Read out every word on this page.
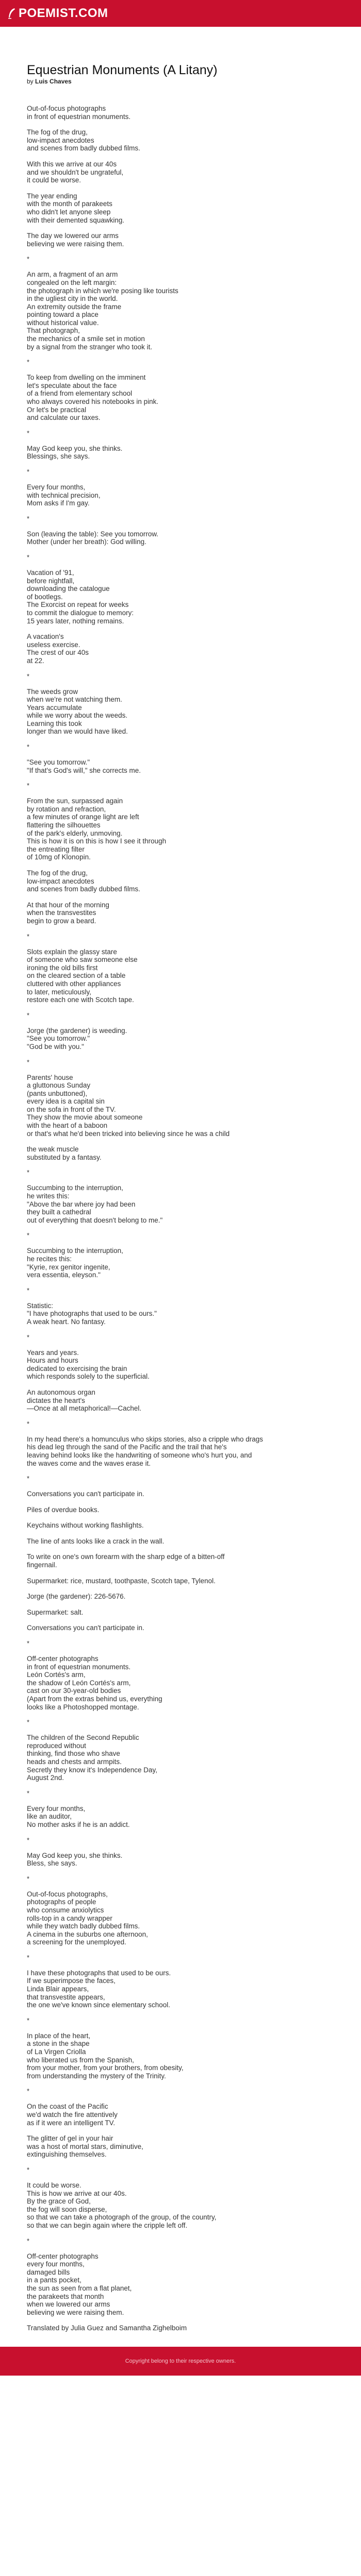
POEMIST.COM
Equestrian Monuments (A Litany)
by Luis Chaves
Out-of-focus photographs
in front of equestrian monuments.
The fog of the drug,
low-impact anecdotes
and scenes from badly dubbed films.
With this we arrive at our 40s
and we shouldn't be ungrateful,
it could be worse.
The year ending
with the month of parakeets
who didn't let anyone sleep
with their demented squawking.
The day we lowered our arms
believing we were raising them.
*
An arm, a fragment of an arm
congealed on the left margin:
the photograph in which we're posing like tourists
in the ugliest city in the world.
An extremity outside the frame
pointing toward a place
without historical value.
That photograph,
the mechanics of a smile set in motion
by a signal from the stranger who took it.
*
To keep from dwelling on the imminent
let's speculate about the face
of a friend from elementary school
who always covered his notebooks in pink.
Or let's be practical
and calculate our taxes.
*
May God keep you, she thinks.
Blessings, she says.
*
Every four months,
with technical precision,
Mom asks if I'm gay.
*
Son (leaving the table): See you tomorrow.
Mother (under her breath): God willing.
*
Vacation of '91,
before nightfall,
downloading the catalogue
of bootlegs.
The Exorcist on repeat for weeks
to commit the dialogue to memory:
15 years later, nothing remains.
A vacation's
useless exercise.
The crest of our 40s
at 22.
*
The weeds grow
when we're not watching them.
Years accumulate
while we worry about the weeds.
Learning this took
longer than we would have liked.
*
"See you tomorrow."
"If that's God's will," she corrects me.
*
From the sun, surpassed again
by rotation and refraction,
a few minutes of orange light are left
flattering the silhouettes
of the park's elderly, unmoving.
This is how it is on this is how I see it through
the entreating filter
of 10mg of Klonopin.
The fog of the drug,
low-impact anecdotes
and scenes from badly dubbed films.
At that hour of the morning
when the transvestites
begin to grow a beard.
*
Slots explain the glassy stare
of someone who saw someone else
ironing the old bills first
on the cleared section of a table
cluttered with other appliances
to later, meticulously,
restore each one with Scotch tape.
*
Jorge (the gardener) is weeding.
"See you tomorrow."
"God be with you."
*
Parents' house
a gluttonous Sunday
(pants unbuttoned),
every idea is a capital sin
on the sofa in front of the TV.
They show the movie about someone
with the heart of a baboon
or that's what he'd been tricked into believing since he was a child
the weak muscle
substituted by a fantasy.
*
Succumbing to the interruption,
he writes this:
"Above the bar where joy had been
they built a cathedral
out of everything that doesn't belong to me."
*
Succumbing to the interruption,
he recites this:
"Kyrie, rex genitor ingenite,
vera essentia, eleyson."
*
Statistic:
"I have photographs that used to be ours."
A weak heart. No fantasy.
*
Years and years.
Hours and hours
dedicated to exercising the brain
which responds solely to the superficial.
An autonomous organ
dictates the heart's
—Once at all metaphorical!—Cachel.
*
In my head there's a homunculus who skips stories, also a cripple who drags
his dead leg through the sand of the Pacific and the trail that he's
leaving behind looks like the handwriting of someone who's hurt you, and
the waves come and the waves erase it.
*
Conversations you can't participate in.
Piles of overdue books.
Keychains without working flashlights.
The line of ants looks like a crack in the wall.
To write on one's own forearm with the sharp edge of a bitten-off
fingernail.
Supermarket: rice, mustard, toothpaste, Scotch tape, Tylenol.
Jorge (the gardener): 226-5676.
Supermarket: salt.
Conversations you can't participate in.
*
Off-center photographs
in front of equestrian monuments.
León Cortés's arm,
the shadow of León Cortés's arm,
cast on our 30-year-old bodies
(Apart from the extras behind us, everything
looks like a Photoshopped montage.
*
The children of the Second Republic
reproduced without
thinking, find those who shave
heads and chests and armpits.
Secretly they know it's Independence Day,
August 2nd.
*
Every four months,
like an auditor,
No mother asks if he is an addict.
*
May God keep you, she thinks.
Bless, she says.
*
Out-of-focus photographs,
photographs of people
who consume anxiolytics
rolls-top in a candy wrapper
while they watch badly dubbed films.
A cinema in the suburbs one afternoon,
a screening for the unemployed.
*
I have these photographs that used to be ours.
If we superimpose the faces,
Linda Blair appears,
that transvestite appears,
the one we've known since elementary school.
*
In place of the heart,
a stone in the shape
of La Virgen Criolla
who liberated us from the Spanish,
from your mother, from your brothers, from obesity,
from understanding the mystery of the Trinity.
*
On the coast of the Pacific
we'd watch the fire attentively
as if it were an intelligent TV.
The glitter of gel in your hair
was a host of mortal stars, diminutive,
extinguishing themselves.
*
It could be worse.
This is how we arrive at our 40s.
By the grace of God,
the fog will soon disperse,
so that we can take a photograph of the group, of the country,
so that we can begin again where the cripple left off.
*
Off-center photographs
every four months,
damaged bills
in a pants pocket,
the sun as seen from a flat planet,
the parakeets that month
when we lowered our arms
believing we were raising them.

Translated by Julia Guez and Samantha Zighelboim

Copyright belong to their respective owners.
